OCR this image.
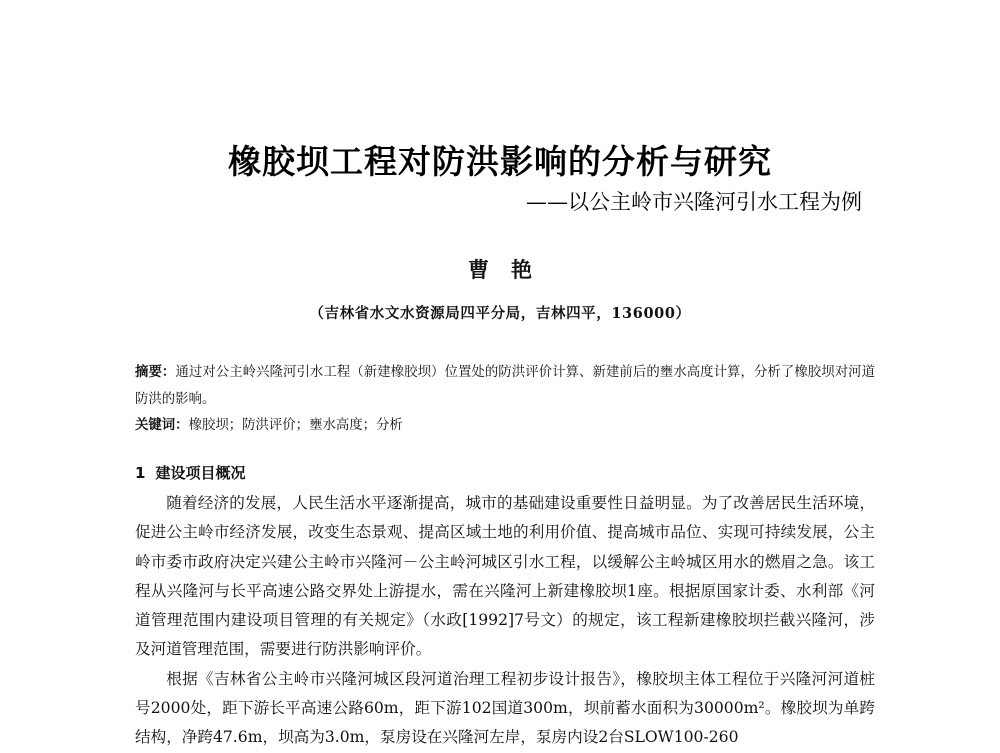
橡胶坝工程对防洪影响的分析与研究
——以公主岭市兴隆河引水工程为例
曹艳
（吉林省水文水资源局四平分局，吉林四平，136000）
摘要：通过对公主岭兴隆河引水工程（新建橡胶坝）位置处的防洪评价计算、新建前后的壅水高度计算，分析了橡胶坝对河道防洪的影响。
关键词：橡胶坝；防洪评价；壅水高度；分析
1 建设项目概况

随着经济的发展，人民生活水平逐渐提高，城市的基础建设重要性日益明显。为了改善居民生活环境，促进公主岭市经济发展，改变生态景观、提高区域土地的利用价值、提高城市品位、实现可持续发展，公主岭市委市政府决定兴建公主岭市兴隆河－公主岭河城区引水工程，以缓解公主岭城区用水的燃眉之急。该工程从兴隆河与长平高速公路交界处上游提水，需在兴隆河上新建橡胶坝1座。根据原国家计委、水利部《河道管理范围内建设项目管理的有关规定》（水政[1992]7号文）的规定，该工程新建橡胶坝拦截兴隆河，涉及河道管理范围，需要进行防洪影响评价。

根据《吉林省公主岭市兴隆河城区段河道治理工程初步设计报告》，橡胶坝主体工程位于兴隆河河道桩号2000处，距下游长平高速公路60m，距下游102国道300m，坝前蓄水面积为30000m²。橡胶坝为单跨结构，净跨47.6m，坝高为3.0m，泵房设在兴隆河左岸，泵房内设2台SLOW100-260
